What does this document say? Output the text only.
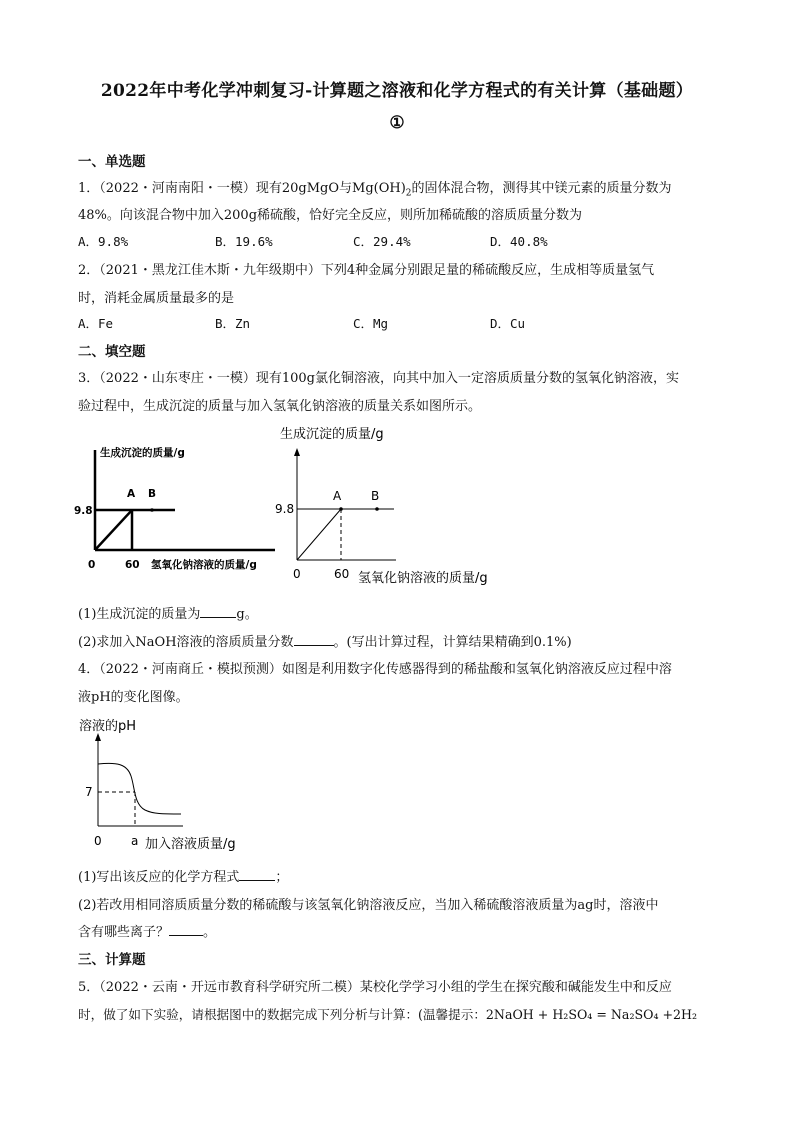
2022年中考化学冲刺复习-计算题之溶液和化学方程式的有关计算（基础题）
①
一、单选题
1．（2022・河南南阳・一模）现有20gMgO与$Mg(OH)_2$的固体混合物，测得其中镁元素的质量分数为
48%。向该混合物中加入200g稀硫酸，恰好完全反应，则所加稀硫酸的溶质质量分数为
A．9.8%	B．19.6%	C．29.4%	D．40.8%
2．（2021・黑龙江佳木斯・九年级期中）下列4种金属分别跟足量的稀硫酸反应，生成相等质量氢气
时，消耗金属质量最多的是
A．Fe	B．Zn	C．Mg	D．Cu
二、填空题
3．（2022・山东枣庄・一模）现有100g氯化铜溶液，向其中加入一定溶质质量分数的氢氧化钠溶液，实
验过程中，生成沉淀的质量与加入氢氧化钠溶液的质量关系如图所示。
生成沉淀的质量/g
9.8
A B
0	60 氢氧化钠溶液的质量/g
生成沉淀的质量/g
9.8
A B
0	60 氢氧化钠溶液的质量/g
(1)生成沉淀的质量为	g。
(2)求加入NaOH溶液的溶质质量分数	。(写出计算过程，计算结果精确到0.1%)
4．（2022・河南商丘・模拟预测）如图是利用数字化传感器得到的稀盐酸和氢氧化钠溶液反应过程中溶
液pH的变化图像。
溶液的pH
7
0 a 加入溶液质量/g
(1)写出该反应的化学方程式	；
(2)若改用相同溶质质量分数的稀硫酸与该氢氧化钠溶液反应，当加入稀硫酸溶液质量为ag时，溶液中
含有哪些离子？	。
三、计算题
5．（2022・云南・开远市教育科学研究所二模）某校化学学习小组的学生在探究酸和碱能发生中和反应
时，做了如下实验，请根据图中的数据完成下列分析与计算：(温馨提示：2NaOH + H₂SO₄ = Na₂SO₄ +2H₂
